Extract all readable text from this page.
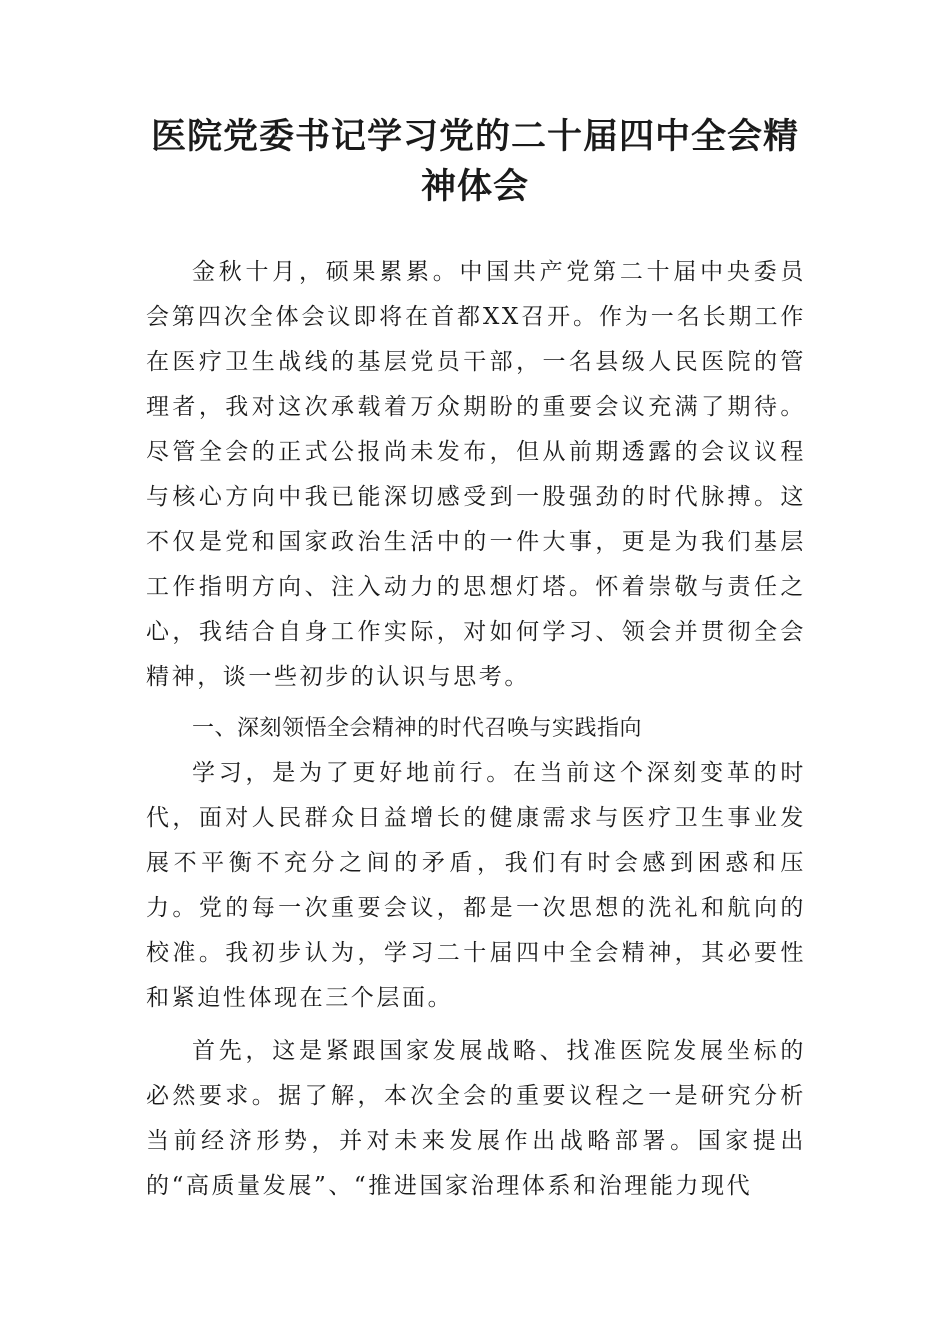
医院党委书记学习党的二十届四中全会精神体会

金秋十月，硕果累累。中国共产党第二十届中央委员会第四次全体会议即将在首都XX召开。作为一名长期工作在医疗卫生战线的基层党员干部，一名县级人民医院的管理者，我对这次承载着万众期盼的重要会议充满了期待。尽管全会的正式公报尚未发布，但从前期透露的会议议程与核心方向中我已能深切感受到一股强劲的时代脉搏。这不仅是党和国家政治生活中的一件大事，更是为我们基层工作指明方向、注入动力的思想灯塔。怀着崇敬与责任之心，我结合自身工作实际，对如何学习、领会并贯彻全会精神，谈一些初步的认识与思考。

一、深刻领悟全会精神的时代召唤与实践指向

学习，是为了更好地前行。在当前这个深刻变革的时代，面对人民群众日益增长的健康需求与医疗卫生事业发展不平衡不充分之间的矛盾，我们有时会感到困惑和压力。党的每一次重要会议，都是一次思想的洗礼和航向的校准。我初步认为，学习二十届四中全会精神，其必要性和紧迫性体现在三个层面。

首先，这是紧跟国家发展战略、找准医院发展坐标的必然要求。据了解，本次全会的重要议程之一是研究分析当前经济形势，并对未来发展作出战略部署。国家提出的“高质量发展”、“推进国家治理体系和治理能力现代
